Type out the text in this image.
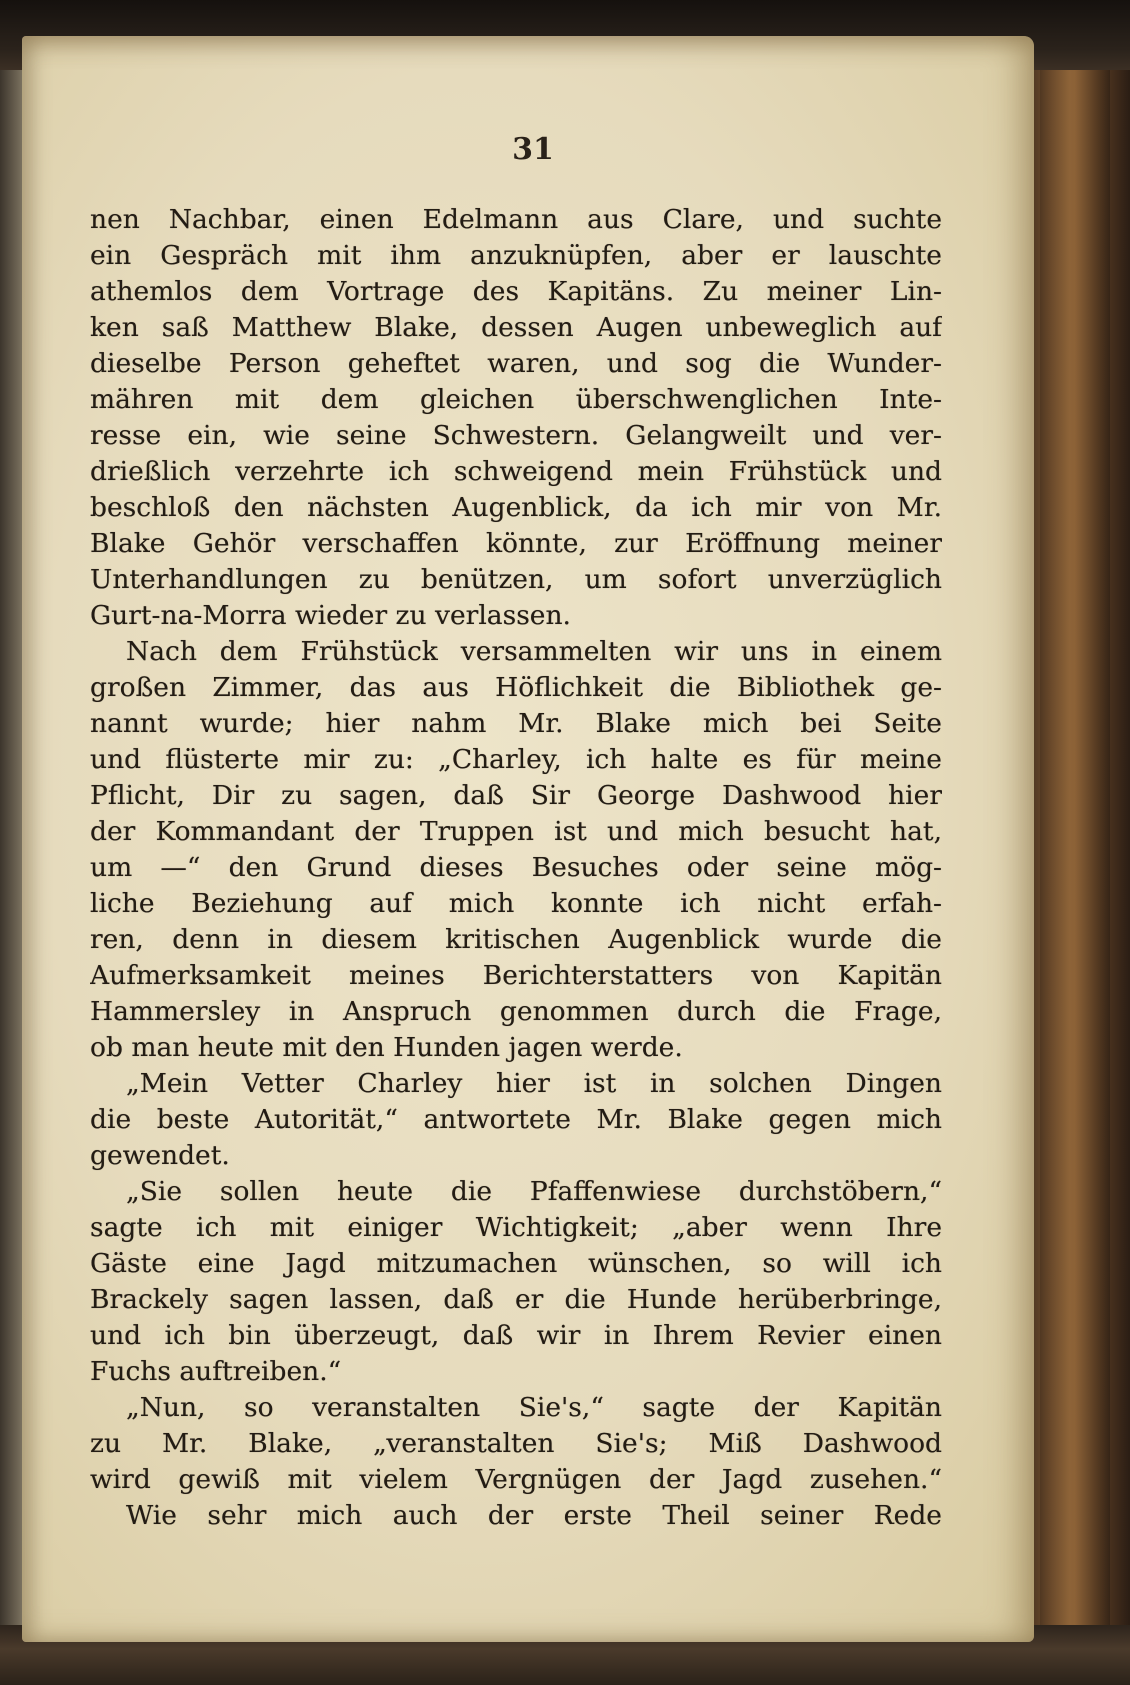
31
nen Nachbar, einen Edelmann aus Clare, und suchte
ein Gespräch mit ihm anzuknüpfen, aber er lauschte
athemlos dem Vortrage des Kapitäns. Zu meiner Lin-
ken saß Matthew Blake, dessen Augen unbeweglich auf
dieselbe Person geheftet waren, und sog die Wunder-
mähren mit dem gleichen überschwenglichen Inte-
resse ein, wie seine Schwestern. Gelangweilt und ver-
drießlich verzehrte ich schweigend mein Frühstück und
beschloß den nächsten Augenblick, da ich mir von Mr.
Blake Gehör verschaffen könnte, zur Eröffnung meiner
Unterhandlungen zu benützen, um sofort unverzüglich
Gurt-na-Morra wieder zu verlassen.
Nach dem Frühstück versammelten wir uns in einem
großen Zimmer, das aus Höflichkeit die Bibliothek ge-
nannt wurde; hier nahm Mr. Blake mich bei Seite
und flüsterte mir zu: „Charley, ich halte es für meine
Pflicht, Dir zu sagen, daß Sir George Dashwood hier
der Kommandant der Truppen ist und mich besucht hat,
um —“ den Grund dieses Besuches oder seine mög-
liche Beziehung auf mich konnte ich nicht erfah-
ren, denn in diesem kritischen Augenblick wurde die
Aufmerksamkeit meines Berichterstatters von Kapitän
Hammersley in Anspruch genommen durch die Frage,
ob man heute mit den Hunden jagen werde.
„Mein Vetter Charley hier ist in solchen Dingen
die beste Autorität,“ antwortete Mr. Blake gegen mich
gewendet.
„Sie sollen heute die Pfaffenwiese durchstöbern,“
sagte ich mit einiger Wichtigkeit; „aber wenn Ihre
Gäste eine Jagd mitzumachen wünschen, so will ich
Brackely sagen lassen, daß er die Hunde herüberbringe,
und ich bin überzeugt, daß wir in Ihrem Revier einen
Fuchs auftreiben.“
„Nun, so veranstalten Sie's,“ sagte der Kapitän
zu Mr. Blake, „veranstalten Sie's; Miß Dashwood
wird gewiß mit vielem Vergnügen der Jagd zusehen.“
Wie sehr mich auch der erste Theil seiner Rede
